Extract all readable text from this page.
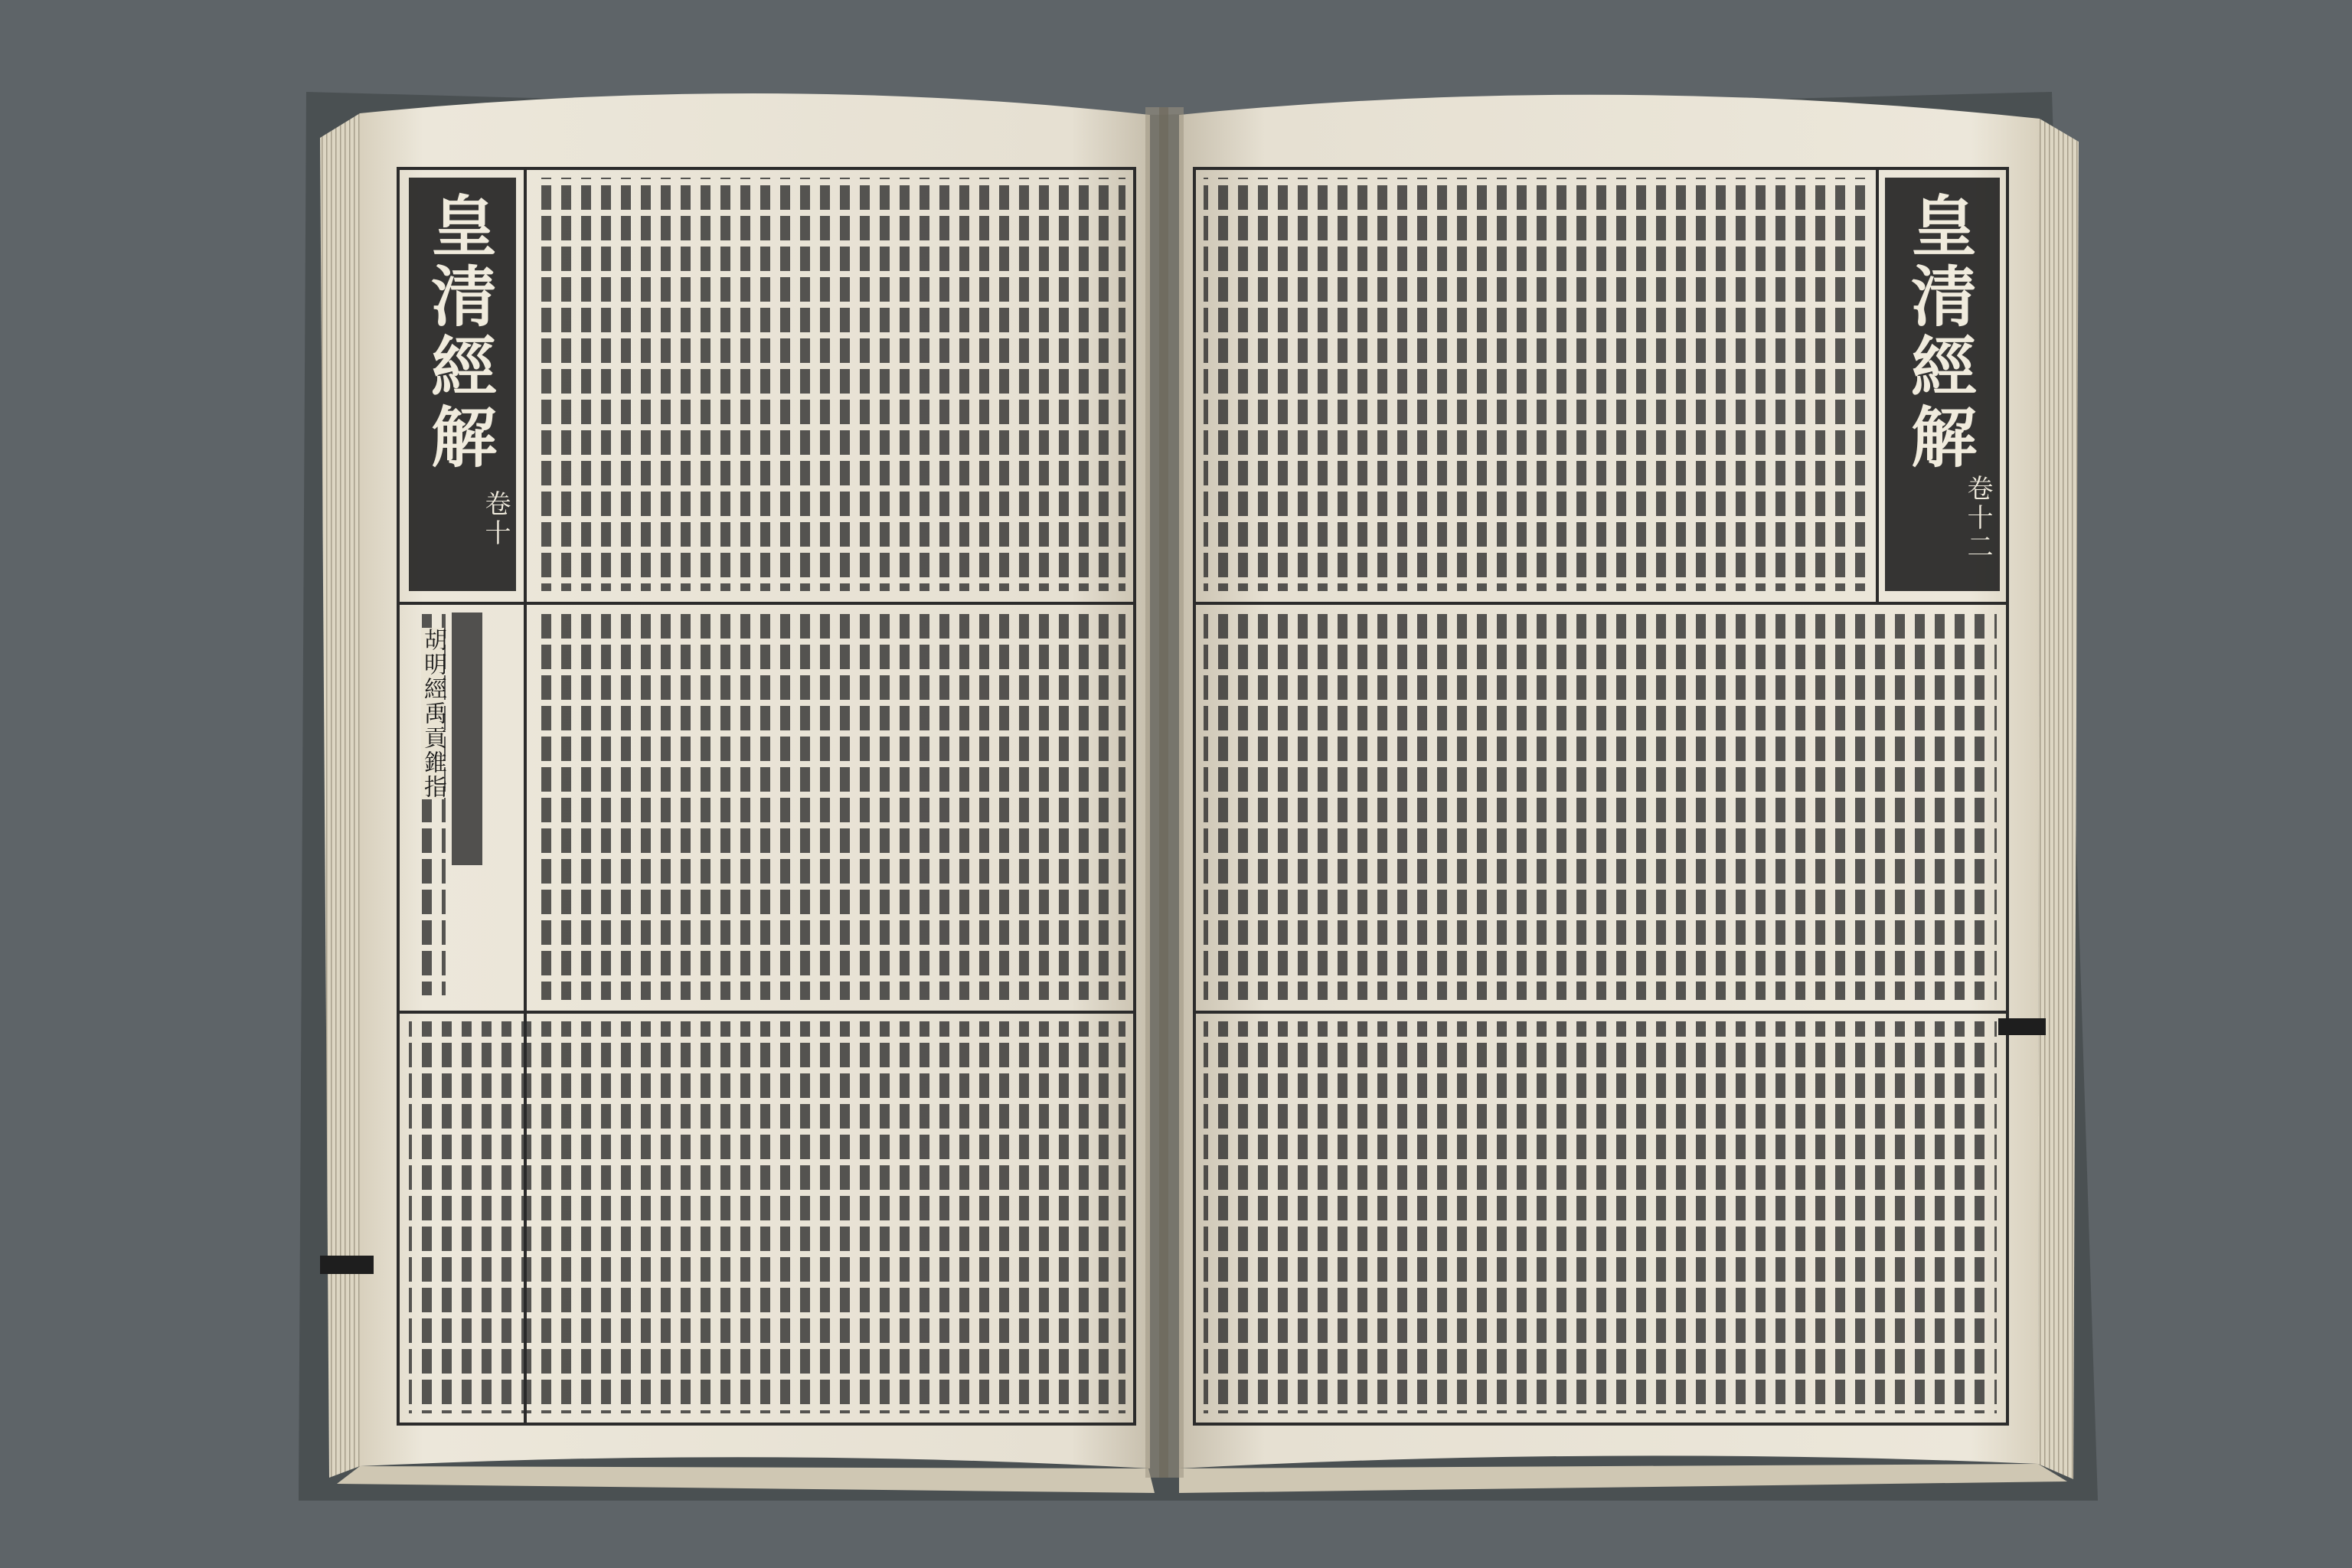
皇清經解
卷十
胡明經禹貢錐指
皇清經解
卷十二
